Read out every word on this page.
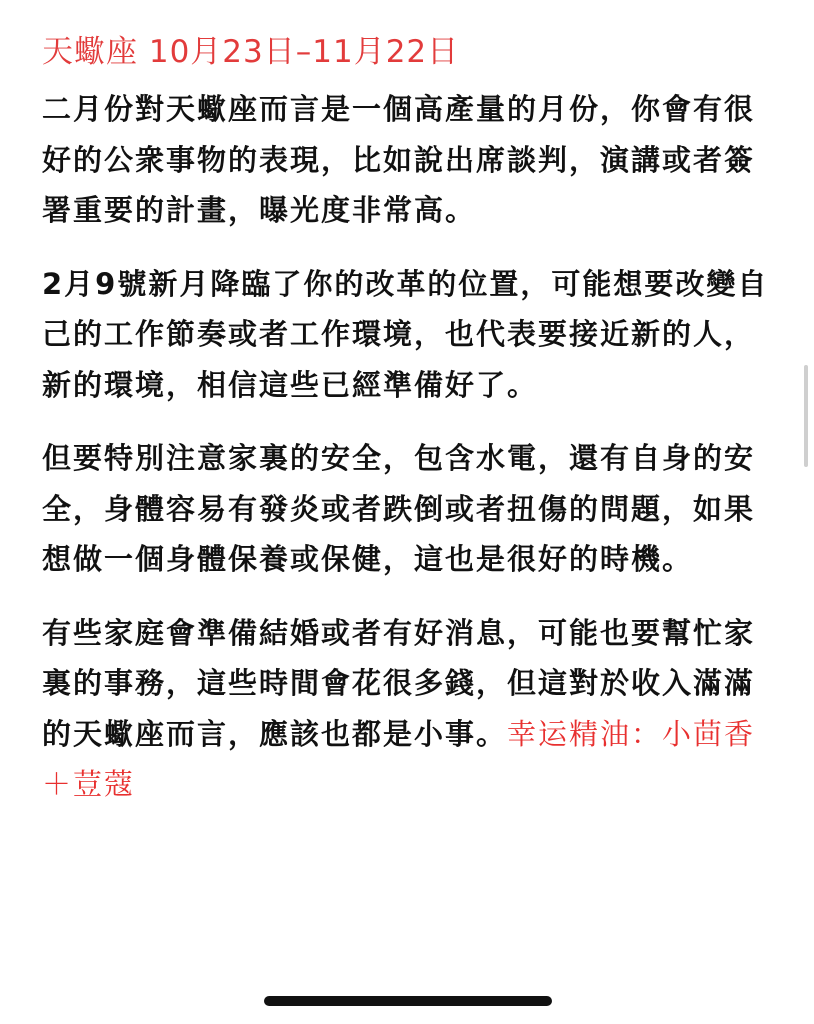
天蠍座 10月23日–11月22日

二月份對天蠍座而言是一個高產量的月份，你會有很好的公衆事物的表現，比如說出席談判，演講或者簽署重要的計畫，曝光度非常高。

2月9號新月降臨了你的改革的位置，可能想要改變自己的工作節奏或者工作環境，也代表要接近新的人，新的環境，相信這些已經準備好了。

但要特別注意家裏的安全，包含水電，還有自身的安全，身體容易有發炎或者跌倒或者扭傷的問題，如果想做一個身體保養或保健，這也是很好的時機。

有些家庭會準備結婚或者有好消息，可能也要幫忙家裏的事務，這些時間會花很多錢，但這對於收入滿滿的天蠍座而言，應該也都是小事。幸运精油：小茴香＋荳蔻
